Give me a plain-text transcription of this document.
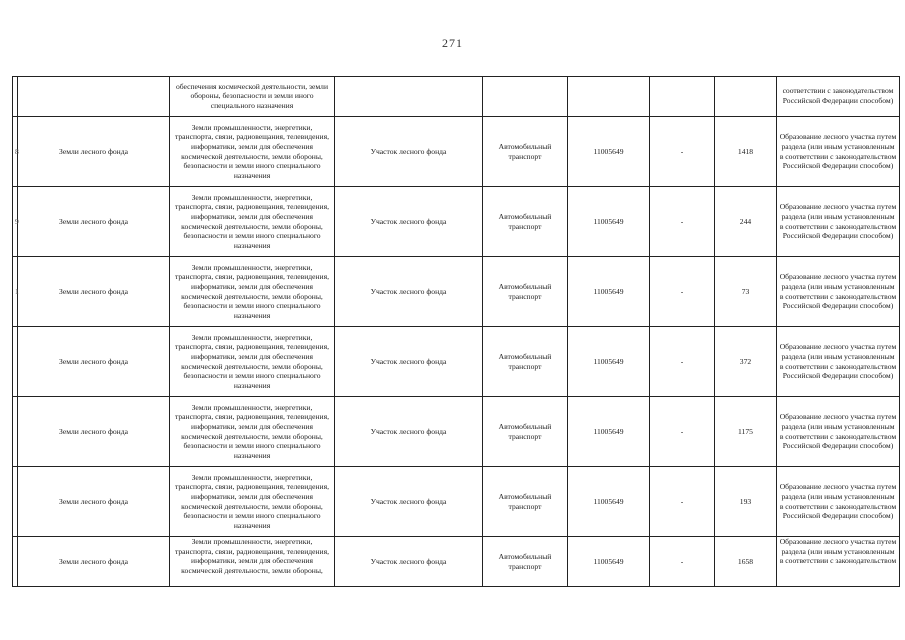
271

		обеспечения космической деятельности, земли обороны, безопасности и земли иного специального назначения						соответствии с законодательством Российской Федерации способом)

8	Земли лесного фонда	Земли промышленности, энергетики, транспорта, связи, радиовещания, телевидения, информатики, земли для обеспечения космической деятельности, земли обороны, безопасности и земли иного специального назначения	Участок лесного фонда	Автомобильный транспорт	11005649	-	1418	Образование лесного участка путем раздела (или иным установленным в соответствии с законодательством Российской Федерации способом)
9	Земли лесного фонда	Земли промышленности, энергетики, транспорта, связи, радиовещания, телевидения, информатики, земли для обеспечения космической деятельности, земли обороны, безопасности и земли иного специального назначения	Участок лесного фонда	Автомобильный транспорт	11005649	-	244	Образование лесного участка путем раздела (или иным установленным в соответствии с законодательством Российской Федерации способом)
1	Земли лесного фонда	Земли промышленности, энергетики, транспорта, связи, радиовещания, телевидения, информатики, земли для обеспечения космической деятельности, земли обороны, безопасности и земли иного специального назначения	Участок лесного фонда	Автомобильный транспорт	11005649	-	73	Образование лесного участка путем раздела (или иным установленным в соответствии с законодательством Российской Федерации способом)
	Земли лесного фонда	Земли промышленности, энергетики, транспорта, связи, радиовещания, телевидения, информатики, земли для обеспечения космической деятельности, земли обороны, безопасности и земли иного специального назначения	Участок лесного фонда	Автомобильный транспорт	11005649	-	372	Образование лесного участка путем раздела (или иным установленным в соответствии с законодательством Российской Федерации способом)
	Земли лесного фонда	Земли промышленности, энергетики, транспорта, связи, радиовещания, телевидения, информатики, земли для обеспечения космической деятельности, земли обороны, безопасности и земли иного специального назначения	Участок лесного фонда	Автомобильный транспорт	11005649	-	1175	Образование лесного участка путем раздела (или иным установленным в соответствии с законодательством Российской Федерации способом)
	Земли лесного фонда	Земли промышленности, энергетики, транспорта, связи, радиовещания, телевидения, информатики, земли для обеспечения космической деятельности, земли обороны, безопасности и земли иного специального назначения	Участок лесного фонда	Автомобильный транспорт	11005649	-	193	Образование лесного участка путем раздела (или иным установленным в соответствии с законодательством Российской Федерации способом)
	Земли лесного фонда	Земли промышленности, энергетики, транспорта, связи, радиовещания, телевидения, информатики, земли для обеспечения космической деятельности, земли обороны,	Участок лесного фонда	Автомобильный транспорт	11005649	-	1658	Образование лесного участка путем раздела (или иным установленным в соответствии с законодательством
